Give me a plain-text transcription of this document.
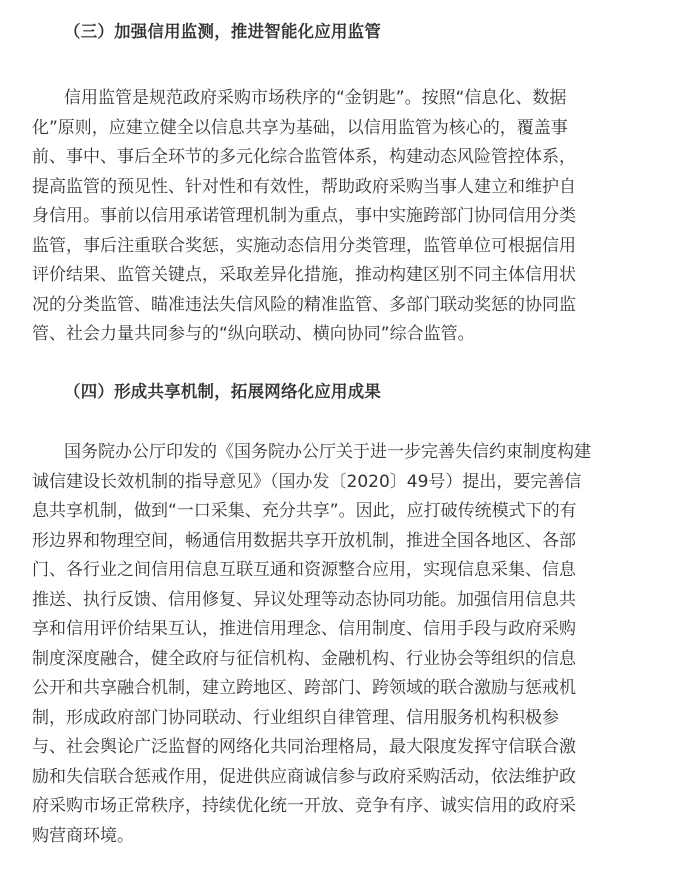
（三）加强信用监测，推进智能化应用监管
信用监管是规范政府采购市场秩序的“金钥匙”。按照“信息化、数据
化”原则，应建立健全以信息共享为基础，以信用监管为核心的，覆盖事
前、事中、事后全环节的多元化综合监管体系，构建动态风险管控体系，
提高监管的预见性、针对性和有效性，帮助政府采购当事人建立和维护自
身信用。事前以信用承诺管理机制为重点，事中实施跨部门协同信用分类
监管，事后注重联合奖惩，实施动态信用分类管理，监管单位可根据信用
评价结果、监管关键点，采取差异化措施，推动构建区别不同主体信用状
况的分类监管、瞄准违法失信风险的精准监管、多部门联动奖惩的协同监
管、社会力量共同参与的“纵向联动、横向协同”综合监管。
（四）形成共享机制，拓展网络化应用成果
国务院办公厅印发的《国务院办公厅关于进一步完善失信约束制度构建
诚信建设长效机制的指导意见》（国办发〔2020〕49号）提出，要完善信
息共享机制，做到“一口采集、充分共享”。因此，应打破传统模式下的有
形边界和物理空间，畅通信用数据共享开放机制，推进全国各地区、各部
门、各行业之间信用信息互联互通和资源整合应用，实现信息采集、信息
推送、执行反馈、信用修复、异议处理等动态协同功能。加强信用信息共
享和信用评价结果互认，推进信用理念、信用制度、信用手段与政府采购
制度深度融合，健全政府与征信机构、金融机构、行业协会等组织的信息
公开和共享融合机制，建立跨地区、跨部门、跨领域的联合激励与惩戒机
制，形成政府部门协同联动、行业组织自律管理、信用服务机构积极参
与、社会舆论广泛监督的网络化共同治理格局，最大限度发挥守信联合激
励和失信联合惩戒作用，促进供应商诚信参与政府采购活动，依法维护政
府采购市场正常秩序，持续优化统一开放、竞争有序、诚实信用的政府采
购营商环境。
